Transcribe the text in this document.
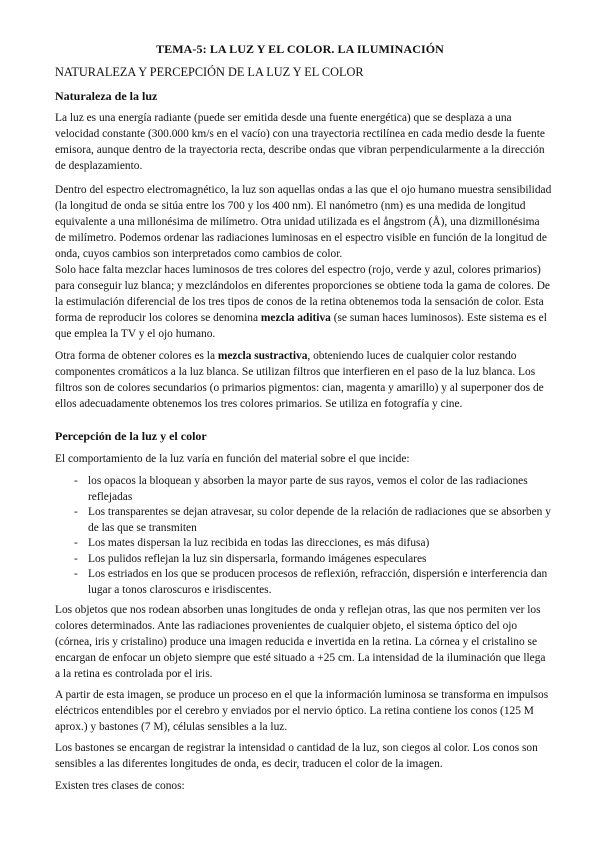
TEMA-5: LA LUZ Y EL COLOR. LA ILUMINACIÓN
NATURALEZA Y PERCEPCIÓN DE LA LUZ Y EL COLOR
Naturaleza de la luz

La luz es una energía radiante (puede ser emitida desde una fuente energética) que se desplaza a una velocidad constante (300.000 km/s en el vacío) con una trayectoria rectilínea en cada medio desde la fuente emisora, aunque dentro de la trayectoria recta, describe ondas que vibran perpendicularmente a la dirección de desplazamiento.

Dentro del espectro electromagnético, la luz son aquellas ondas a las que el ojo humano muestra sensibilidad (la longitud de onda se sitúa entre los 700 y los 400 nm). El nanómetro (nm) es una medida de longitud equivalente a una millonésima de milímetro. Otra unidad utilizada es el ångstrom (Å), una dizmillonésima de milímetro. Podemos ordenar las radiaciones luminosas en el espectro visible en función de la longitud de onda, cuyos cambios son interpretados como cambios de color.

Solo hace falta mezclar haces luminosos de tres colores del espectro (rojo, verde y azul, colores primarios) para conseguir luz blanca; y mezclándolos en diferentes proporciones se obtiene toda la gama de colores. De la estimulación diferencial de los tres tipos de conos de la retina obtenemos toda la sensación de color. Esta forma de reproducir los colores se denomina mezcla aditiva (se suman haces luminosos). Este sistema es el que emplea la TV y el ojo humano.

Otra forma de obtener colores es la mezcla sustractiva, obteniendo luces de cualquier color restando componentes cromáticos a la luz blanca. Se utilizan filtros que interfieren en el paso de la luz blanca. Los filtros son de colores secundarios (o primarios pigmentos: cian, magenta y amarillo) y al superponer dos de ellos adecuadamente obtenemos los tres colores primarios. Se utiliza en fotografía y cine.

Percepción de la luz y el color

El comportamiento de la luz varía en función del material sobre el que incide:

- los opacos la bloquean y absorben la mayor parte de sus rayos, vemos el color de las radiaciones reflejadas
- Los transparentes se dejan atravesar, su color depende de la relación de radiaciones que se absorben y de las que se transmiten
- Los mates dispersan la luz recibida en todas las direcciones, es más difusa)
- Los pulidos reflejan la luz sin dispersarla, formando imágenes especulares
- Los estriados en los que se producen procesos de reflexión, refracción, dispersión e interferencia dan lugar a tonos claroscuros e irisdiscentes.

Los objetos que nos rodean absorben unas longitudes de onda y reflejan otras, las que nos permiten ver los colores determinados. Ante las radiaciones provenientes de cualquier objeto, el sistema óptico del ojo (córnea, iris y cristalino) produce una imagen reducida e invertida en la retina. La córnea y el cristalino se encargan de enfocar un objeto siempre que esté situado a +25 cm. La intensidad de la iluminación que llega a la retina es controlada por el iris.

A partir de esta imagen, se produce un proceso en el que la información luminosa se transforma en impulsos eléctricos entendibles por el cerebro y enviados por el nervio óptico. La retina contiene los conos (125 M aprox.) y bastones (7 M), células sensibles a la luz.

Los bastones se encargan de registrar la intensidad o cantidad de la luz, son ciegos al color. Los conos son sensibles a las diferentes longitudes de onda, es decir, traducen el color de la imagen.

Existen tres clases de conos:
